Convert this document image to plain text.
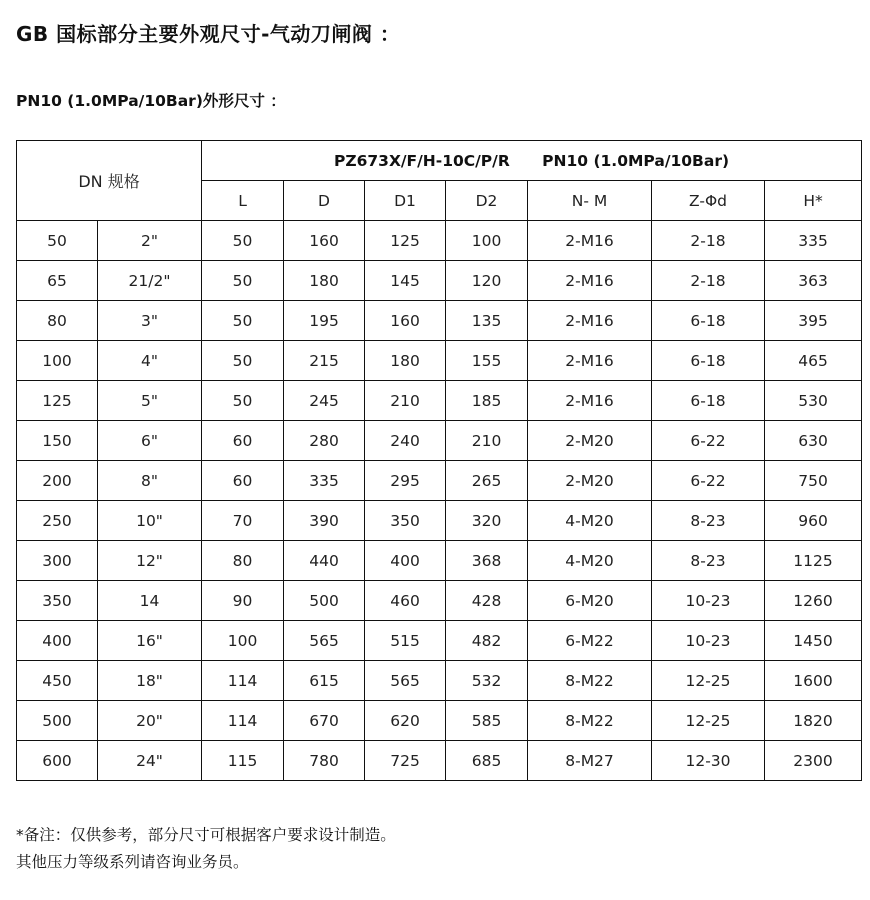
GB 国标部分主要外观尺寸-气动刀闸阀 ：
PN10 (1.0MPa/10Bar)外形尺寸 ：
DN 规格		PZ673X/F/H-10C/P/R      PN10 (1.0MPa/10Bar)						
		L	D	D1	D2	N- M	Z-Φd	H*
50	2"	50	160	125	100	2-M16	2-18	335
65	21/2"	50	180	145	120	2-M16	2-18	363
80	3"	50	195	160	135	2-M16	6-18	395
100	4"	50	215	180	155	2-M16	6-18	465
125	5"	50	245	210	185	2-M16	6-18	530
150	6"	60	280	240	210	2-M20	6-22	630
200	8"	60	335	295	265	2-M20	6-22	750
250	10"	70	390	350	320	4-M20	8-23	960
300	12"	80	440	400	368	4-M20	8-23	1125
350	14	90	500	460	428	6-M20	10-23	1260
400	16"	100	565	515	482	6-M22	10-23	1450
450	18"	114	615	565	532	8-M22	12-25	1600
500	20"	114	670	620	585	8-M22	12-25	1820
600	24"	115	780	725	685	8-M27	12-30	2300
*备注：仅供参考，部分尺寸可根据客户要求设计制造。
其他压力等级系列请咨询业务员。
